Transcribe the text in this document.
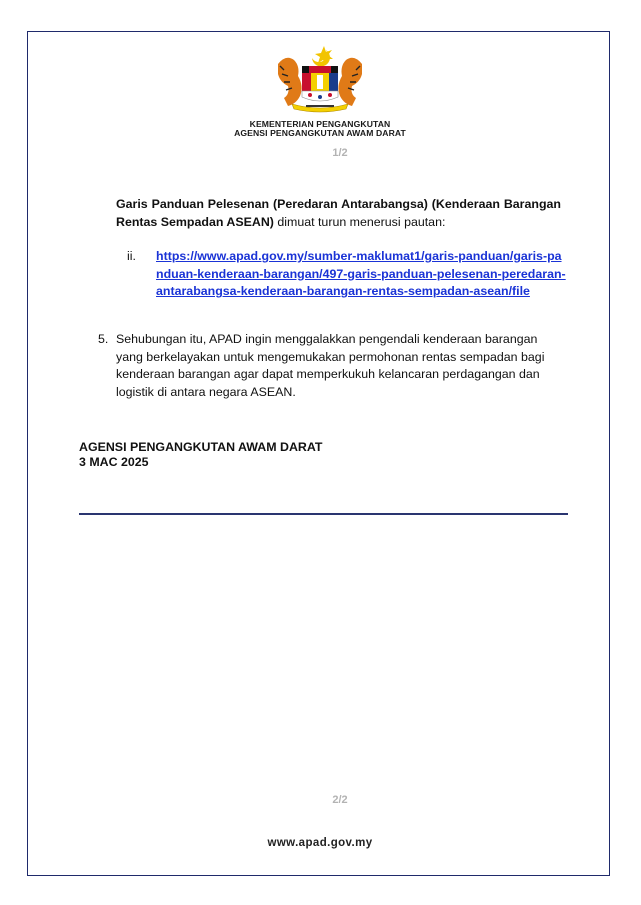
KEMENTERIAN PENGANGKUTAN
AGENSI PENGANGKUTAN AWAM DARAT
1/2
Garis Panduan Pelesenan (Peredaran Antarabangsa) (Kenderaan Barangan Rentas Sempadan ASEAN) dimuat turun menerusi pautan:
ii. https://www.apad.gov.my/sumber-maklumat1/garis-panduan/garis-panduan-kenderaan-barangan/497-garis-panduan-pelesenan-peredaran-antarabangsa-kenderaan-barangan-rentas-sempadan-asean/file
5. Sehubungan itu, APAD ingin menggalakkan pengendali kenderaan barangan yang berkelayakan untuk mengemukakan permohonan rentas sempadan bagi kenderaan barangan agar dapat memperkukuh kelancaran perdagangan dan logistik di antara negara ASEAN.
AGENSI PENGANGKUTAN AWAM DARAT
3 MAC 2025
2/2
www.apad.gov.my
